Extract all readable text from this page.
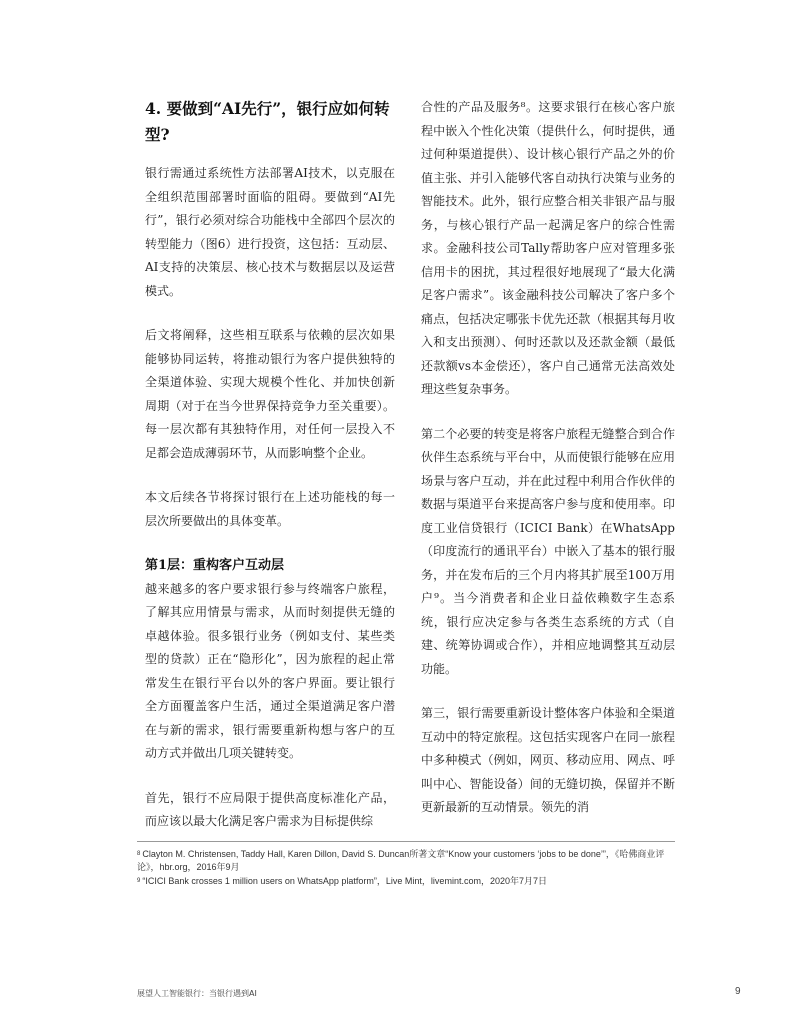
4. 要做到“AI先行”，银行应如何转型?

银行需通过系统性方法部署AI技术，以克服在全组织范围部署时面临的阻碍。要做到“AI先行”，银行必须对综合功能栈中全部四个层次的转型能力（图6）进行投资，这包括：互动层、AI支持的决策层、核心技术与数据层以及运营模式。

后文将阐释，这些相互联系与依赖的层次如果能够协同运转，将推动银行为客户提供独特的全渠道体验、实现大规模个性化、并加快创新周期（对于在当今世界保持竞争力至关重要）。每一层次都有其独特作用，对任何一层投入不足都会造成薄弱环节，从而影响整个企业。

本文后续各节将探讨银行在上述功能栈的每一层次所要做出的具体变革。

第1层：重构客户互动层

越来越多的客户要求银行参与终端客户旅程，了解其应用情景与需求，从而时刻提供无缝的卓越体验。很多银行业务（例如支付、某些类型的贷款）正在“隐形化”，因为旅程的起止常常发生在银行平台以外的客户界面。要让银行全方面覆盖客户生活，通过全渠道满足客户潜在与新的需求，银行需要重新构想与客户的互动方式并做出几项关键转变。

首先，银行不应局限于提供高度标准化产品，而应该以最大化满足客户需求为目标提供综

合性的产品及服务⁸。这要求银行在核心客户旅程中嵌入个性化决策（提供什么，何时提供，通过何种渠道提供）、设计核心银行产品之外的价值主张、并引入能够代客自动执行决策与业务的智能技术。此外，银行应整合相关非银产品与服务，与核心银行产品一起满足客户的综合性需求。金融科技公司Tally帮助客户应对管理多张信用卡的困扰，其过程很好地展现了“最大化满足客户需求”。该金融科技公司解决了客户多个痛点，包括决定哪张卡优先还款（根据其每月收入和支出预测）、何时还款以及还款金额（最低还款额vs本金偿还），客户自己通常无法高效处理这些复杂事务。

第二个必要的转变是将客户旅程无缝整合到合作伙伴生态系统与平台中，从而使银行能够在应用场景与客户互动，并在此过程中利用合作伙伴的数据与渠道平台来提高客户参与度和使用率。印度工业信贷银行（ICICI Bank）在WhatsApp（印度流行的通讯平台）中嵌入了基本的银行服务，并在发布后的三个月内将其扩展至100万用户⁹。当今消费者和企业日益依赖数字生态系统，银行应决定参与各类生态系统的方式（自建、统筹协调或合作），并相应地调整其互动层功能。

第三，银行需要重新设计整体客户体验和全渠道互动中的特定旅程。这包括实现客户在同一旅程中多种模式（例如，网页、移动应用、网点、呼叫中心、智能设备）间的无缝切换，保留并不断更新最新的互动情景。领先的消

$^8$ Clayton M. Christensen, Taddy Hall, Karen Dillon, David S. Duncan所著文章“Know your customers ‘jobs to be done’”，《哈佛商业评论》，hbr.org，2016年9月

$^9$ “ICICI Bank crosses 1 million users on WhatsApp platform”，Live Mint，livemint.com，2020年7月7日

展望人工智能银行：当银行遇到AI	9
